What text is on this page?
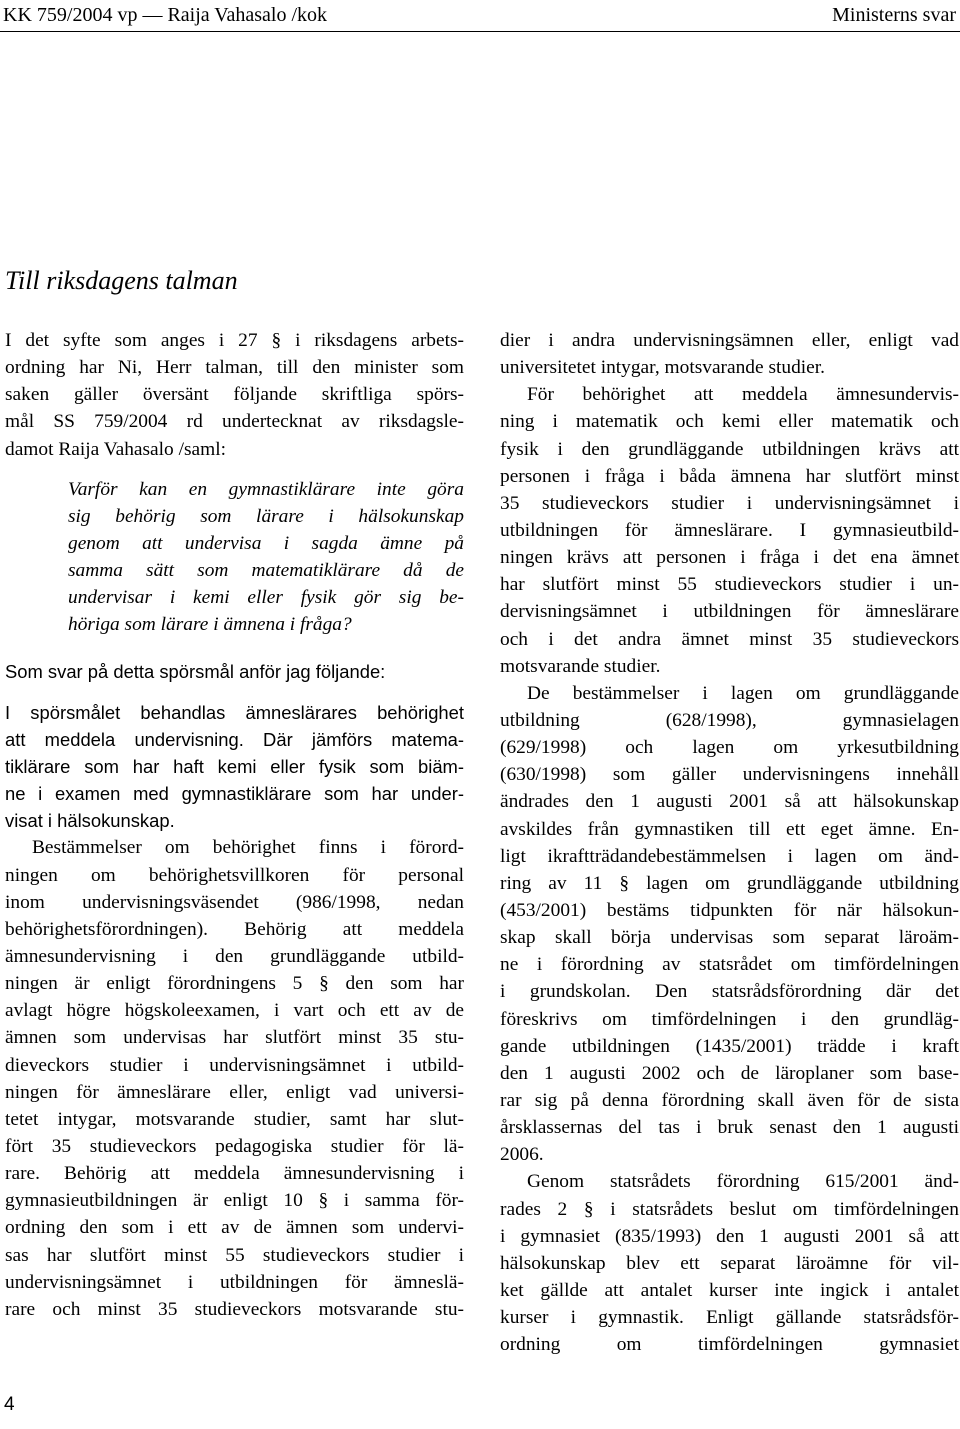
KK 759/2004 vp — Raija Vahasalo /kok	Ministerns svar
Till riksdagens talman
I det syfte som anges i 27 § i riksdagens arbets-
ordning har Ni, Herr talman, till den minister som
saken gäller översänt följande skriftliga spörs-
mål SS 759/2004 rd undertecknat av riksdagsle-
damot Raija Vahasalo /saml:
Varför kan en gymnastiklärare inte göra
sig behörig som lärare i hälsokunskap
genom att undervisa i sagda ämne på
samma sätt som matematiklärare då de
undervisar i kemi eller fysik gör sig be-
höriga som lärare i ämnena i fråga?
Som svar på detta spörsmål anför jag följande:
I spörsmålet behandlas ämneslärares behörighet
att meddela undervisning. Där jämförs matema-
tiklärare som har haft kemi eller fysik som biäm-
ne i examen med gymnastiklärare som har under-
visat i hälsokunskap.
Bestämmelser om behörighet finns i förord-
ningen om behörighetsvillkoren för personal
inom undervisningsväsendet (986/1998, nedan
behörighetsförordningen). Behörig att meddela
ämnesundervisning i den grundläggande utbild-
ningen är enligt förordningens 5 § den som har
avlagt högre högskoleexamen, i vart och ett av de
ämnen som undervisas har slutfört minst 35 stu-
dieveckors studier i undervisningsämnet i utbild-
ningen för ämneslärare eller, enligt vad universi-
tetet intygar, motsvarande studier, samt har slut-
fört 35 studieveckors pedagogiska studier för lä-
rare. Behörig att meddela ämnesundervisning i
gymnasieutbildningen är enligt 10 § i samma för-
ordning den som i ett av de ämnen som undervi-
sas har slutfört minst 55 studieveckors studier i
undervisningsämnet i utbildningen för ämneslä-
rare och minst 35 studieveckors motsvarande stu-
dier i andra undervisningsämnen eller, enligt vad
universitetet intygar, motsvarande studier.
För behörighet att meddela ämnesundervis-
ning i matematik och kemi eller matematik och
fysik i den grundläggande utbildningen krävs att
personen i fråga i båda ämnena har slutfört minst
35 studieveckors studier i undervisningsämnet i
utbildningen för ämneslärare. I gymnasieutbild-
ningen krävs att personen i fråga i det ena ämnet
har slutfört minst 55 studieveckors studier i un-
dervisningsämnet i utbildningen för ämneslärare
och i det andra ämnet minst 35 studieveckors
motsvarande studier.
De bestämmelser i lagen om grundläggande
utbildning (628/1998), gymnasielagen
(629/1998) och lagen om yrkesutbildning
(630/1998) som gäller undervisningens innehåll
ändrades den 1 augusti 2001 så att hälsokunskap
avskildes från gymnastiken till ett eget ämne. En-
ligt ikraftträdandebestämmelsen i lagen om änd-
ring av 11 § lagen om grundläggande utbildning
(453/2001) bestäms tidpunkten för när hälsokun-
skap skall börja undervisas som separat läroäm-
ne i förordning av statsrådet om timfördelningen
i grundskolan. Den statsrådsförordning där det
föreskrivs om timfördelningen i den grundläg-
gande utbildningen (1435/2001) trädde i kraft
den 1 augusti 2002 och de läroplaner som base-
rar sig på denna förordning skall även för de sista
årsklassernas del tas i bruk senast den 1 augusti
2006.
Genom statsrådets förordning 615/2001 änd-
rades 2 § i statsrådets beslut om timfördelningen
i gymnasiet (835/1993) den 1 augusti 2001 så att
hälsokunskap blev ett separat läroämne för vil-
ket gällde att antalet kurser inte ingick i antalet
kurser i gymnastik. Enligt gällande statsrådsför-
ordning om timfördelningen gymnasiet
4
